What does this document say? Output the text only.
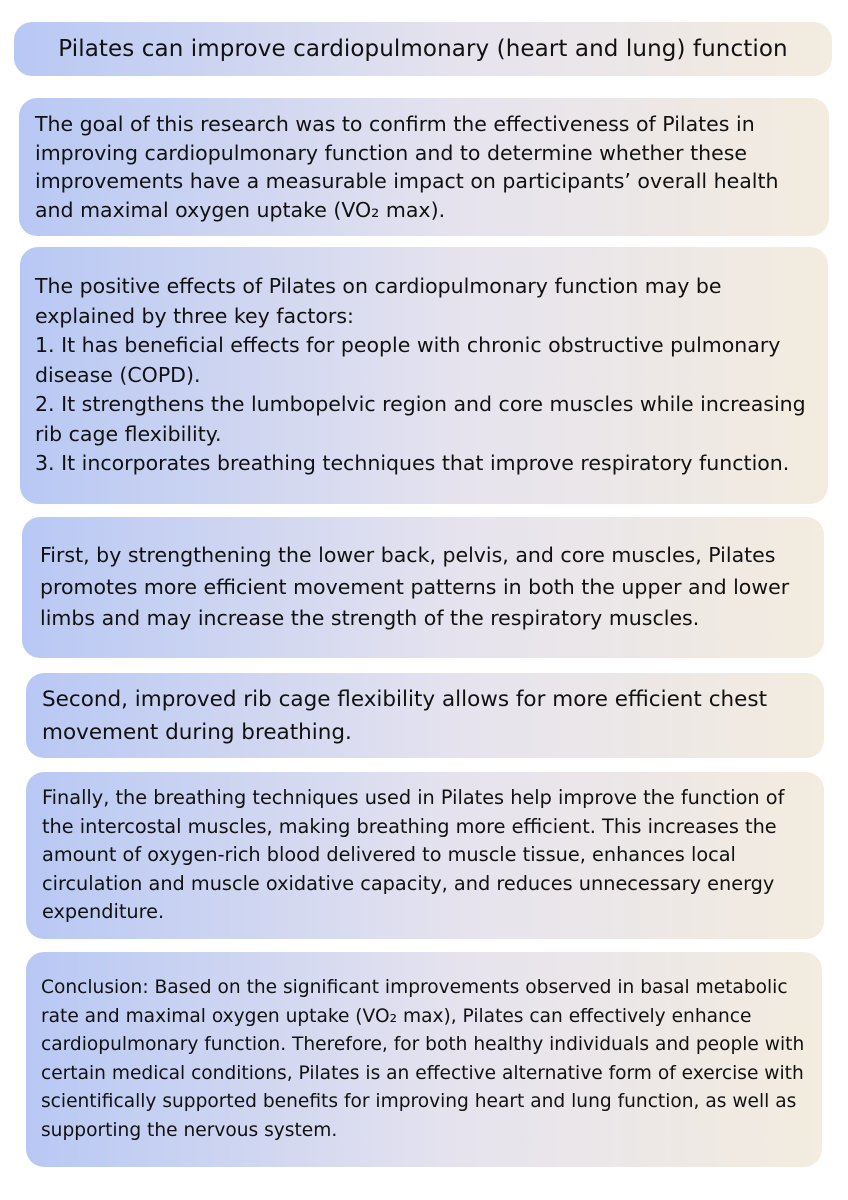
Pilates can improve cardiopulmonary (heart and lung) function

The goal of this research was to confirm the effectiveness of Pilates in improving cardiopulmonary function and to determine whether these improvements have a measurable impact on participants’ overall health and maximal oxygen uptake (VO₂ max).

The positive effects of Pilates on cardiopulmonary function may be explained by three key factors:
1. It has beneficial effects for people with chronic obstructive pulmonary disease (COPD).
2. It strengthens the lumbopelvic region and core muscles while increasing rib cage flexibility.
3. It incorporates breathing techniques that improve respiratory function.

First, by strengthening the lower back, pelvis, and core muscles, Pilates promotes more efficient movement patterns in both the upper and lower limbs and may increase the strength of the respiratory muscles.

Second, improved rib cage flexibility allows for more efficient chest movement during breathing.

Finally, the breathing techniques used in Pilates help improve the function of the intercostal muscles, making breathing more efficient. This increases the amount of oxygen-rich blood delivered to muscle tissue, enhances local circulation and muscle oxidative capacity, and reduces unnecessary energy expenditure.

Conclusion: Based on the significant improvements observed in basal metabolic rate and maximal oxygen uptake (VO₂ max), Pilates can effectively enhance cardiopulmonary function. Therefore, for both healthy individuals and people with certain medical conditions, Pilates is an effective alternative form of exercise with scientifically supported benefits for improving heart and lung function, as well as supporting the nervous system.
